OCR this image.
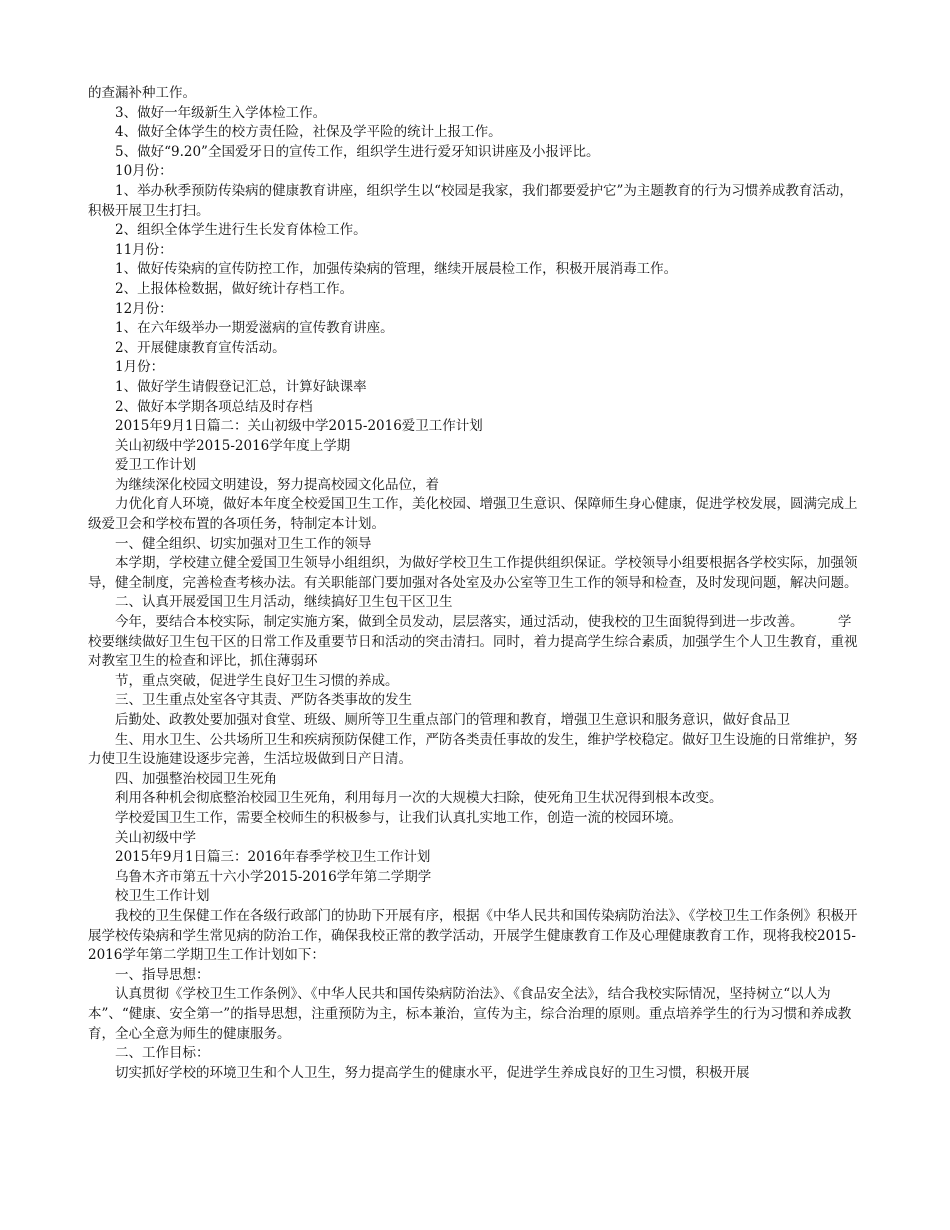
的查漏补种工作。

3、做好一年级新生入学体检工作。

4、做好全体学生的校方责任险，社保及学平险的统计上报工作。

5、做好“9.20”全国爱牙日的宣传工作，组织学生进行爱牙知识讲座及小报评比。

10月份：

1、举办秋季预防传染病的健康教育讲座，组织学生以“校园是我家，我们都要爱护它”为主题教育的行为习惯养成教育活动，积极开展卫生打扫。

2、组织全体学生进行生长发育体检工作。

11月份：

1、做好传染病的宣传防控工作，加强传染病的管理，继续开展晨检工作，积极开展消毒工作。

2、上报体检数据，做好统计存档工作。

12月份：

1、在六年级举办一期爱滋病的宣传教育讲座。

2、开展健康教育宣传活动。

1月份：

1、做好学生请假登记汇总，计算好缺课率

2、做好本学期各项总结及时存档

2015年9月1日篇二：关山初级中学2015-2016爱卫工作计划

关山初级中学2015-2016学年度上学期

爱卫工作计划

为继续深化校园文明建设，努力提高校园文化品位，着

力优化育人环境，做好本年度全校爱国卫生工作，美化校园、增强卫生意识、保障师生身心健康，促进学校发展，圆满完成上级爱卫会和学校布置的各项任务，特制定本计划。

一、健全组织、切实加强对卫生工作的领导

本学期，学校建立健全爱国卫生领导小组组织，为做好学校卫生工作提供组织保证。学校领导小组要根据各学校实际，加强领导，健全制度，完善检查考核办法。有关职能部门要加强对各处室及办公室等卫生工作的领导和检查，及时发现问题，解决问题。

二、认真开展爱国卫生月活动，继续搞好卫生包干区卫生

今年，要结合本校实际，制定实施方案，做到全员发动，层层落实，通过活动，使我校的卫生面貌得到进一步改善。        学校要继续做好卫生包干区的日常工作及重要节日和活动的突击清扫。同时，着力提高学生综合素质，加强学生个人卫生教育，重视对教室卫生的检查和评比，抓住薄弱环

节，重点突破，促进学生良好卫生习惯的养成。

三、卫生重点处室各守其责、严防各类事故的发生

后勤处、政教处要加强对食堂、班级、厕所等卫生重点部门的管理和教育，增强卫生意识和服务意识，做好食品卫

生、用水卫生、公共场所卫生和疾病预防保健工作，严防各类责任事故的发生，维护学校稳定。做好卫生设施的日常维护，努力使卫生设施建设逐步完善，生活垃圾做到日产日清。

四、加强整治校园卫生死角

利用各种机会彻底整治校园卫生死角，利用每月一次的大规模大扫除，使死角卫生状况得到根本改变。

学校爱国卫生工作，需要全校师生的积极参与，让我们认真扎实地工作，创造一流的校园环境。

关山初级中学

2015年9月1日篇三：2016年春季学校卫生工作计划

乌鲁木齐市第五十六小学2015-2016学年第二学期学

校卫生工作计划

我校的卫生保健工作在各级行政部门的协助下开展有序，根据《中华人民共和国传染病防治法》、《学校卫生工作条例》积极开展学校传染病和学生常见病的防治工作，确保我校正常的教学活动，开展学生健康教育工作及心理健康教育工作，现将我校2015-2016学年第二学期卫生工作计划如下：

一、指导思想：

认真贯彻《学校卫生工作条例》、《中华人民共和国传染病防治法》、《食品安全法》，结合我校实际情况，坚持树立“以人为本”、“健康、安全第一”的指导思想，注重预防为主，标本兼治，宣传为主，综合治理的原则。重点培养学生的行为习惯和养成教育，全心全意为师生的健康服务。

二、工作目标：

切实抓好学校的环境卫生和个人卫生，努力提高学生的健康水平，促进学生养成良好的卫生习惯，积极开展
